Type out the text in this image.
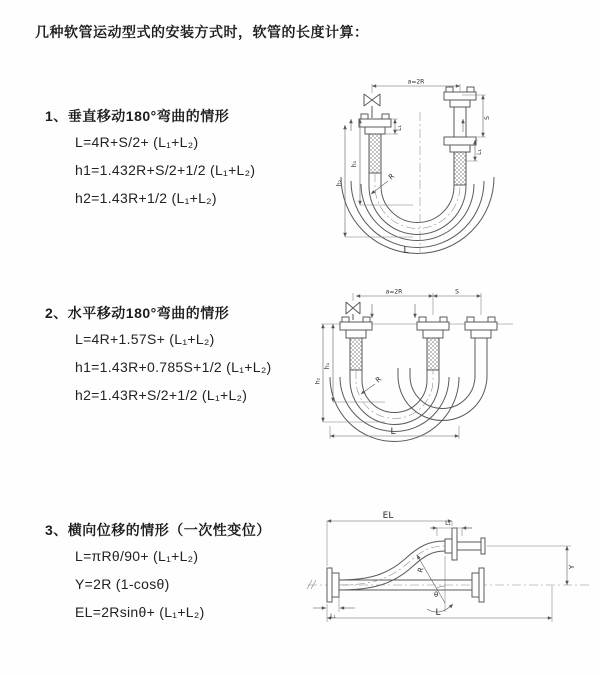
几种软管运动型式的安装方式时，软管的长度计算：
1、垂直移动180°弯曲的情形
L=4R+S/2+ (L₁+L₂)
h1=1.432R+S/2+1/2 (L₁+L₂)
h2=1.43R+1/2 (L₁+L₂)
2、水平移动180°弯曲的情形
L=4R+1.57S+ (L₁+L₂)
h1=1.43R+0.785S+1/2 (L₁+L₂)
h2=1.43R+S/2+1/2 (L₁+L₂)
3、横向位移的情形（一次性变位）
L=πRθ/90+ (L₁+L₂)
Y=2R (1-cosθ)
EL=2Rsinθ+ (L₁+L₂)
a=2R
S
L₁
h₁
h₂
L₁
R
L
a=2R	S
h₁
h₂	R
L
EL
L₁
Y
R
θ
L
L₁
